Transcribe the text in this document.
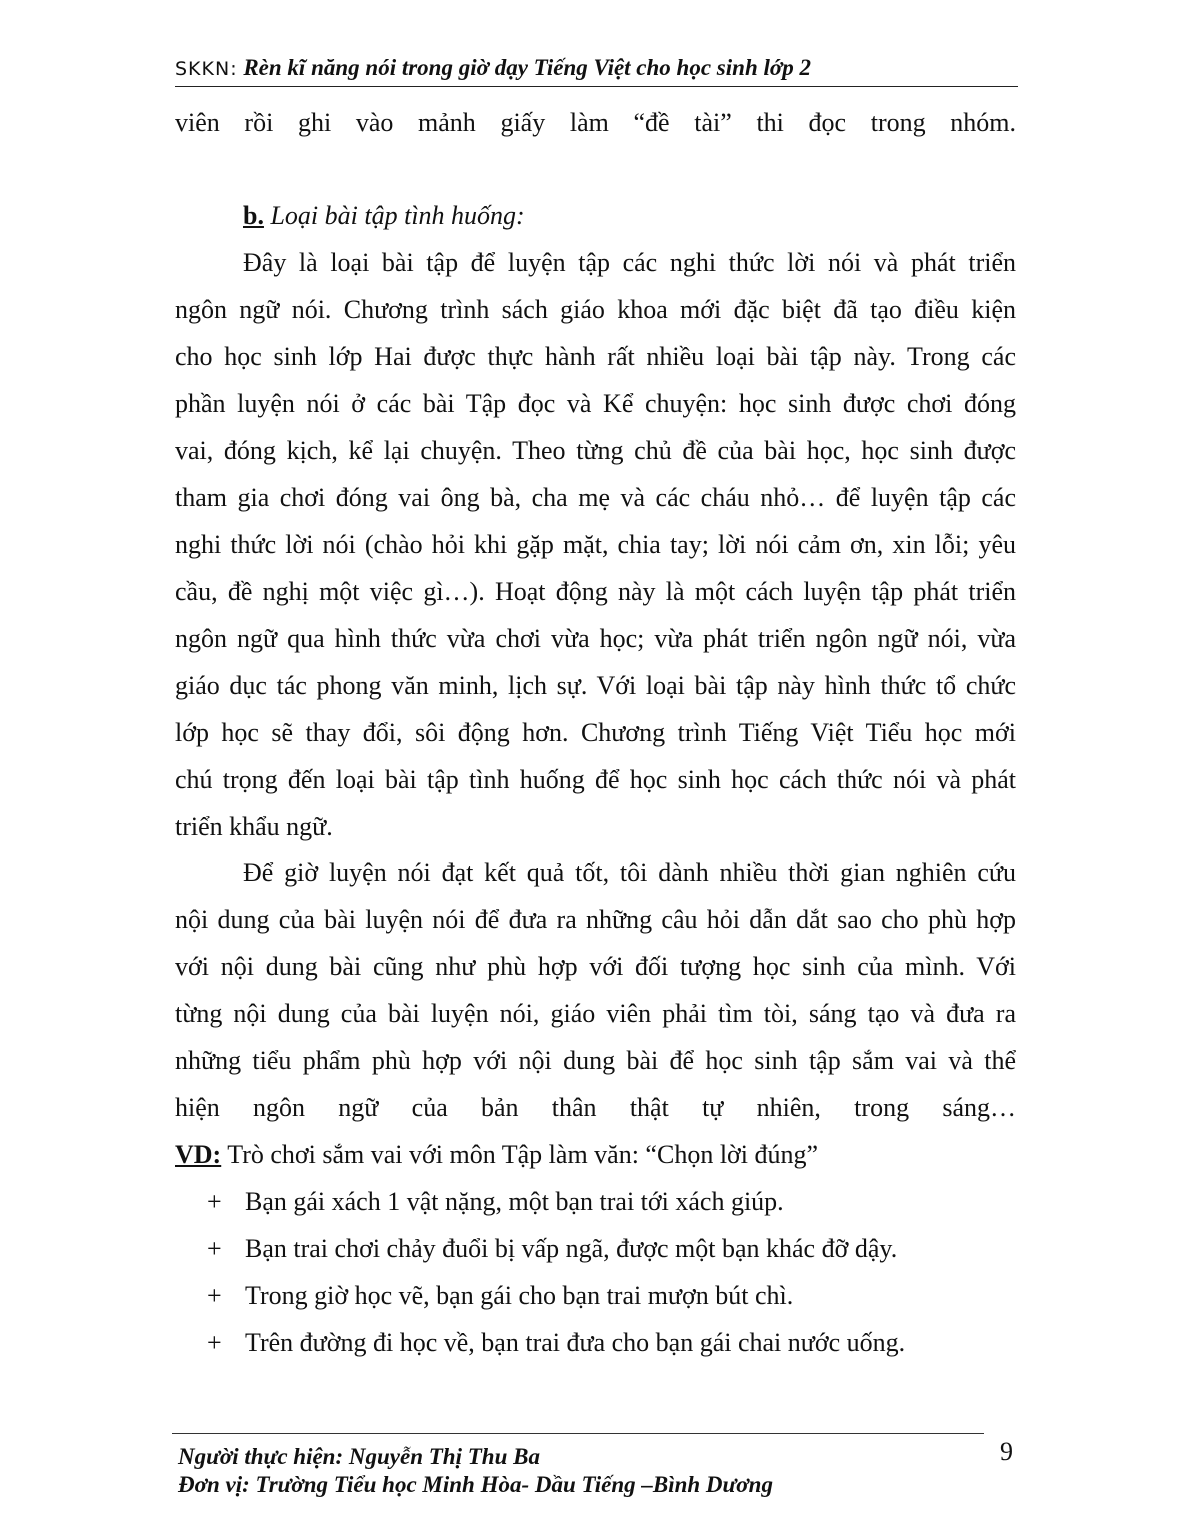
SKKN: Rèn kĩ năng nói trong giờ dạy Tiếng Việt cho học sinh lớp 2
viên rồi ghi vào mảnh giấy làm “đề tài” thi đọc trong nhóm.
b. Loại bài tập tình huống:
Đây là loại bài tập để luyện tập các nghi thức lời nói và phát triển
ngôn ngữ nói. Chương trình sách giáo khoa mới đặc biệt đã tạo điều kiện
cho học sinh lớp Hai được thực hành rất nhiều loại bài tập này. Trong các
phần luyện nói ở các bài Tập đọc và Kể chuyện: học sinh được chơi đóng
vai, đóng kịch, kể lại chuyện. Theo từng chủ đề của bài học, học sinh được
tham gia chơi đóng vai ông bà, cha mẹ và các cháu nhỏ… để luyện tập các
nghi thức lời nói (chào hỏi khi gặp mặt, chia tay; lời nói cảm ơn, xin lỗi; yêu
cầu, đề nghị một việc gì…). Hoạt động này là một cách luyện tập phát triển
ngôn ngữ qua hình thức vừa chơi vừa học; vừa phát triển ngôn ngữ nói, vừa
giáo dục tác phong văn minh, lịch sự. Với loại bài tập này hình thức tổ chức
lớp học sẽ thay đổi, sôi động hơn. Chương trình Tiếng Việt Tiểu học mới
chú trọng đến loại bài tập tình huống để học sinh học cách thức nói và phát
triển khẩu ngữ.
Để giờ luyện nói đạt kết quả tốt, tôi dành nhiều thời gian nghiên cứu
nội dung của bài luyện nói để đưa ra những câu hỏi dẫn dắt sao cho phù hợp
với nội dung bài cũng như phù hợp với đối tượng học sinh của mình. Với
từng nội dung của bài luyện nói, giáo viên phải tìm tòi, sáng tạo và đưa ra
những tiểu phẩm phù hợp với nội dung bài để học sinh tập sắm vai và thể
hiện ngôn ngữ của bản thân thật tự nhiên, trong sáng…
VD: Trò chơi sắm vai với môn Tập làm văn: “Chọn lời đúng”
+ Bạn gái xách 1 vật nặng, một bạn trai tới xách giúp.
+ Bạn trai chơi chảy đuổi bị vấp ngã, được một bạn khác đỡ dậy.
+ Trong giờ học vẽ, bạn gái cho bạn trai mượn bút chì.
+ Trên đường đi học về, bạn trai đưa cho bạn gái chai nước uống.
Người thực hiện: Nguyễn Thị Thu Ba
Đơn vị: Trường Tiểu học Minh Hòa- Dầu Tiếng –Bình Dương
9
